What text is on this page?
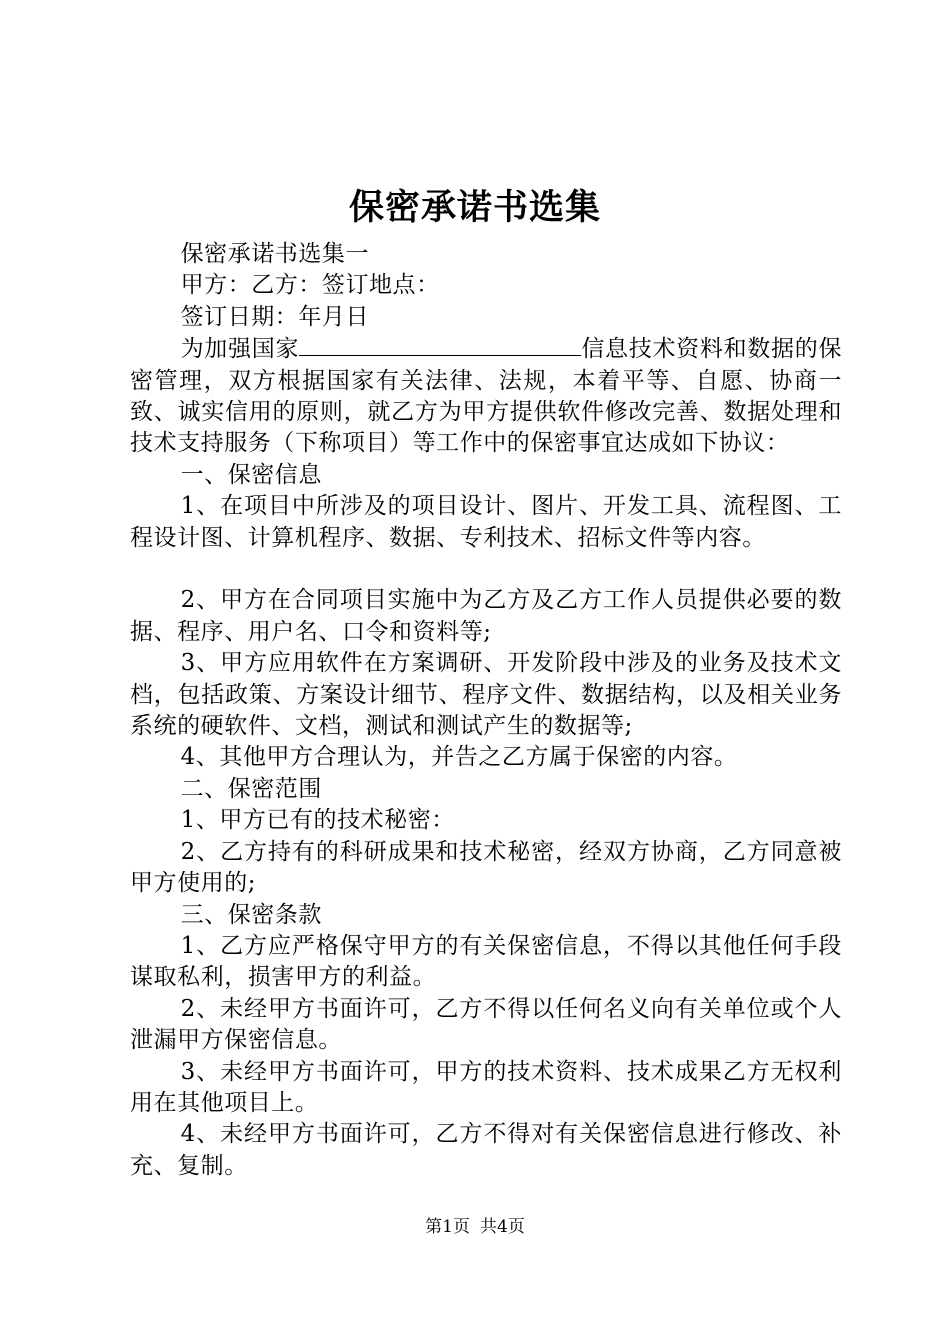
保密承诺书选集

保密承诺书选集一

甲方：乙方：签订地点：

签订日期：年月日

为加强国家	信息技术资料和数据的保密管理，双方根据国家有关法律、法规，本着平等、自愿、协商一致、诚实信用的原则，就乙方为甲方提供软件修改完善、数据处理和技术支持服务（下称项目）等工作中的保密事宜达成如下协议：

一、保密信息

1、在项目中所涉及的项目设计、图片、开发工具、流程图、工程设计图、计算机程序、数据、专利技术、招标文件等内容。

2、甲方在合同项目实施中为乙方及乙方工作人员提供必要的数据、程序、用户名、口令和资料等;

3、甲方应用软件在方案调研、开发阶段中涉及的业务及技术文档，包括政策、方案设计细节、程序文件、数据结构，以及相关业务系统的硬软件、文档，测试和测试产生的数据等;

4、其他甲方合理认为，并告之乙方属于保密的内容。

二、保密范围

1、甲方已有的技术秘密：

2、乙方持有的科研成果和技术秘密，经双方协商，乙方同意被甲方使用的;

三、保密条款

1、乙方应严格保守甲方的有关保密信息，不得以其他任何手段谋取私利，损害甲方的利益。

2、未经甲方书面许可，乙方不得以任何名义向有关单位或个人泄漏甲方保密信息。

3、未经甲方书面许可，甲方的技术资料、技术成果乙方无权利用在其他项目上。

4、未经甲方书面许可，乙方不得对有关保密信息进行修改、补充、复制。

第1页 共4页
